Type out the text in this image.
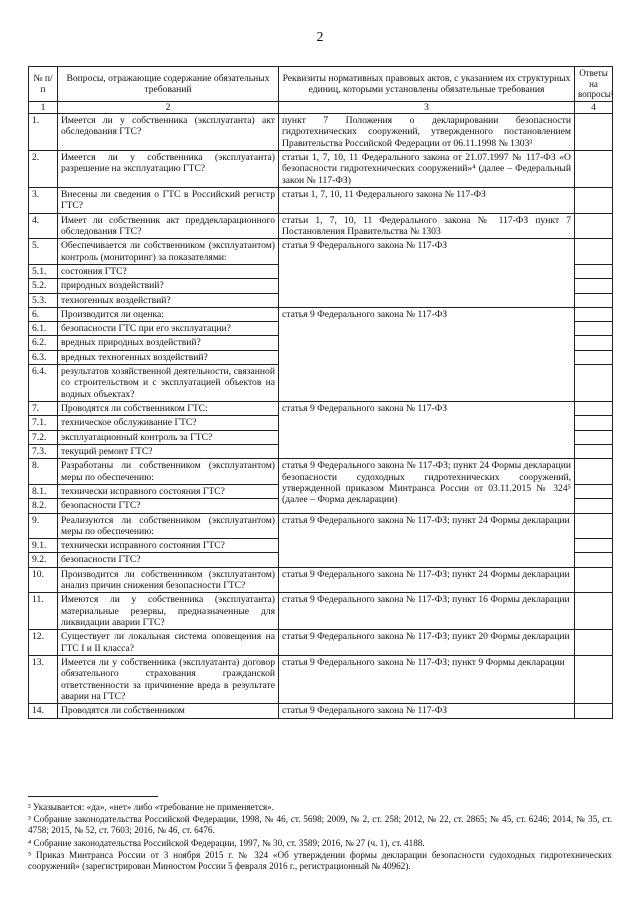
2
№ п/п	Вопросы, отражающие содержание обязательных требований	Реквизиты нормативных правовых актов, с указанием их структурных единиц, которыми установлены обязательные требования	Ответы на вопросы²
1	2	3	4
1.	Имеется ли у собственника (эксплуатанта) акт обследования ГТС?	пункт 7 Положения о декларировании безопасности гидротехнических сооружений, утвержденного постановлением Правительства Российской Федерации от 06.11.1998 № 1303³	
2.	Имеется ли у собственника (эксплуатанта) разрешение на эксплуатацию ГТС?	статьи 1, 7, 10, 11 Федерального закона от 21.07.1997 № 117-ФЗ «О безопасности гидротехнических сооружений»⁴ (далее – Федеральный закон № 117-ФЗ)	
3.	Внесены ли сведения о ГТС в Российский регистр ГТС?	статьи 1, 7, 10, 11 Федерального закона № 117-ФЗ	
4.	Имеет ли собственник акт преддекларационного обследования ГТС?	статьи 1, 7, 10, 11 Федерального закона № 117-ФЗ пункт 7 Постановления Правительства № 1303	
5.	Обеспечивается ли собственником (эксплуатантом) контроль (мониторинг) за показателями:	статья 9 Федерального закона № 117-ФЗ	
5.1.	состояния ГТС?		
5.2.	природных воздействий?		
5.3.	техногенных воздействий?		
6.	Производится ли оценка:	статья 9 Федерального закона № 117-ФЗ	
6.1.	безопасности ГТС при его эксплуатации?		
6.2.	вредных природных воздействий?		
6.3.	вредных техногенных воздействий?		
6.4.	результатов хозяйственной деятельности, связанной со строительством и с эксплуатацией объектов на водных объектах?		
7.	Проводятся ли собственником ГТС:	статья 9 Федерального закона № 117-ФЗ	
7.1.	техническое обслуживание ГТС?		
7.2.	эксплуатационный контроль за ГТС?		
7.3.	текущий ремонт ГТС?		
8.	Разработаны ли собственником (эксплуатантом) меры по обеспечению:	статья 9 Федерального закона № 117-ФЗ; пункт 24 Формы декларации безопасности судоходных гидротехнических сооружений, утвержденной приказом Минтранса России от 03.11.2015 № 324⁵ (далее – Форма декларации)	
8.1.	технически исправного состояния ГТС?		
8.2.	безопасности ГТС?		
9.	Реализуются ли собственником (эксплуатантом) меры по обеспечению:	статья 9 Федерального закона № 117-ФЗ; пункт 24 Формы декларации	
9.1.	технически исправного состояния ГТС?		
9.2.	безопасности ГТС?		
10.	Производится ли собственником (эксплуатантом) анализ причин снижения безопасности ГТС?	статья 9 Федерального закона № 117-ФЗ; пункт 24 Формы декларации	
11.	Имеются ли у собственника (эксплуатанта) материальные резервы, предназначенные для ликвидации аварии ГТС?	статья 9 Федерального закона № 117-ФЗ; пункт 16 Формы декларации	
12.	Существует ли локальная система оповещения на ГТС I и II класса?	статья 9 Федерального закона № 117-ФЗ; пункт 20 Формы декларации	
13.	Имеется ли у собственника (эксплуатанта) договор обязательного страхования гражданской ответственности за причинение вреда в результате аварии на ГТС?	статья 9 Федерального закона № 117-ФЗ; пункт 9 Формы декларации	
14.	Проводятся ли собственником	статья 9 Федерального закона № 117-ФЗ	

² Указывается: «да», «нет» либо «требование не применяется».

³ Собрание законодательства Российской Федерации, 1998, № 46, ст. 5698; 2009, № 2, ст. 258; 2012, № 22, ст. 2865; № 45, ст. 6246; 2014, № 35, ст. 4758; 2015, № 52, ст. 7603; 2016, № 46, ст. 6476.

⁴ Собрание законодательства Российской Федерации, 1997, № 30, ст. 3589; 2016, № 27 (ч. 1), ст. 4188.

⁵ Приказ Минтранса России от 3 ноября 2015 г. № 324 «Об утверждении формы декларации безопасности судоходных гидротехнических сооружений» (зарегистрирован Минюстом России 5 февраля 2016 г., регистрационный № 40962).
